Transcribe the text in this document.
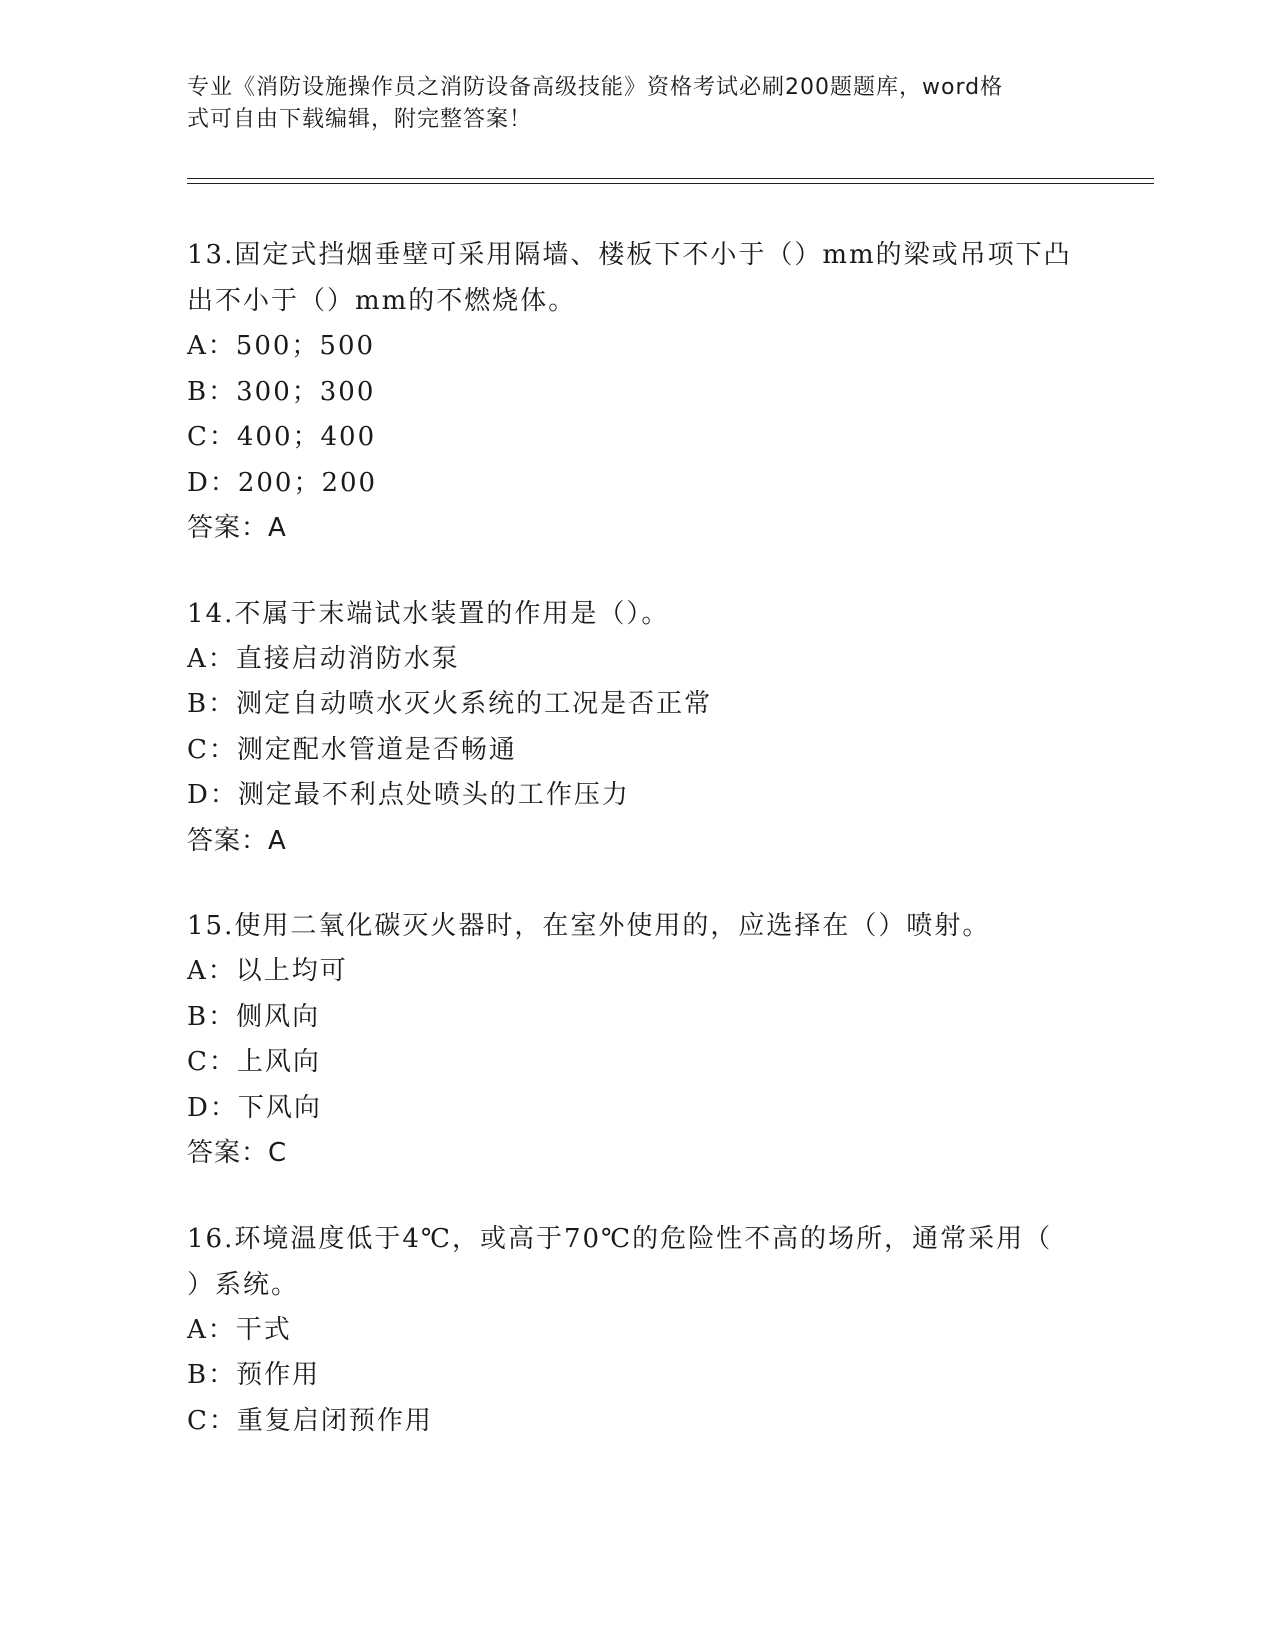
专业《消防设施操作员之消防设备高级技能》资格考试必刷200题题库，word格
式可自由下载编辑，附完整答案！
13.固定式挡烟垂壁可采用隔墙、楼板下不小于（）mm的梁或吊项下凸
出不小于（）mm的不燃烧体。
A：500；500
B：300；300
C：400；400
D：200；200
答案：A
14.不属于末端试水装置的作用是（）。
A：直接启动消防水泵
B：测定自动喷水灭火系统的工况是否正常
C：测定配水管道是否畅通
D：测定最不利点处喷头的工作压力
答案：A
15.使用二氧化碳灭火器时，在室外使用的，应选择在（）喷射。
A：以上均可
B：侧风向
C：上风向
D：下风向
答案：C
16.环境温度低于4℃，或高于70℃的危险性不高的场所，通常采用（
）系统。
A：干式
B：预作用
C：重复启闭预作用
